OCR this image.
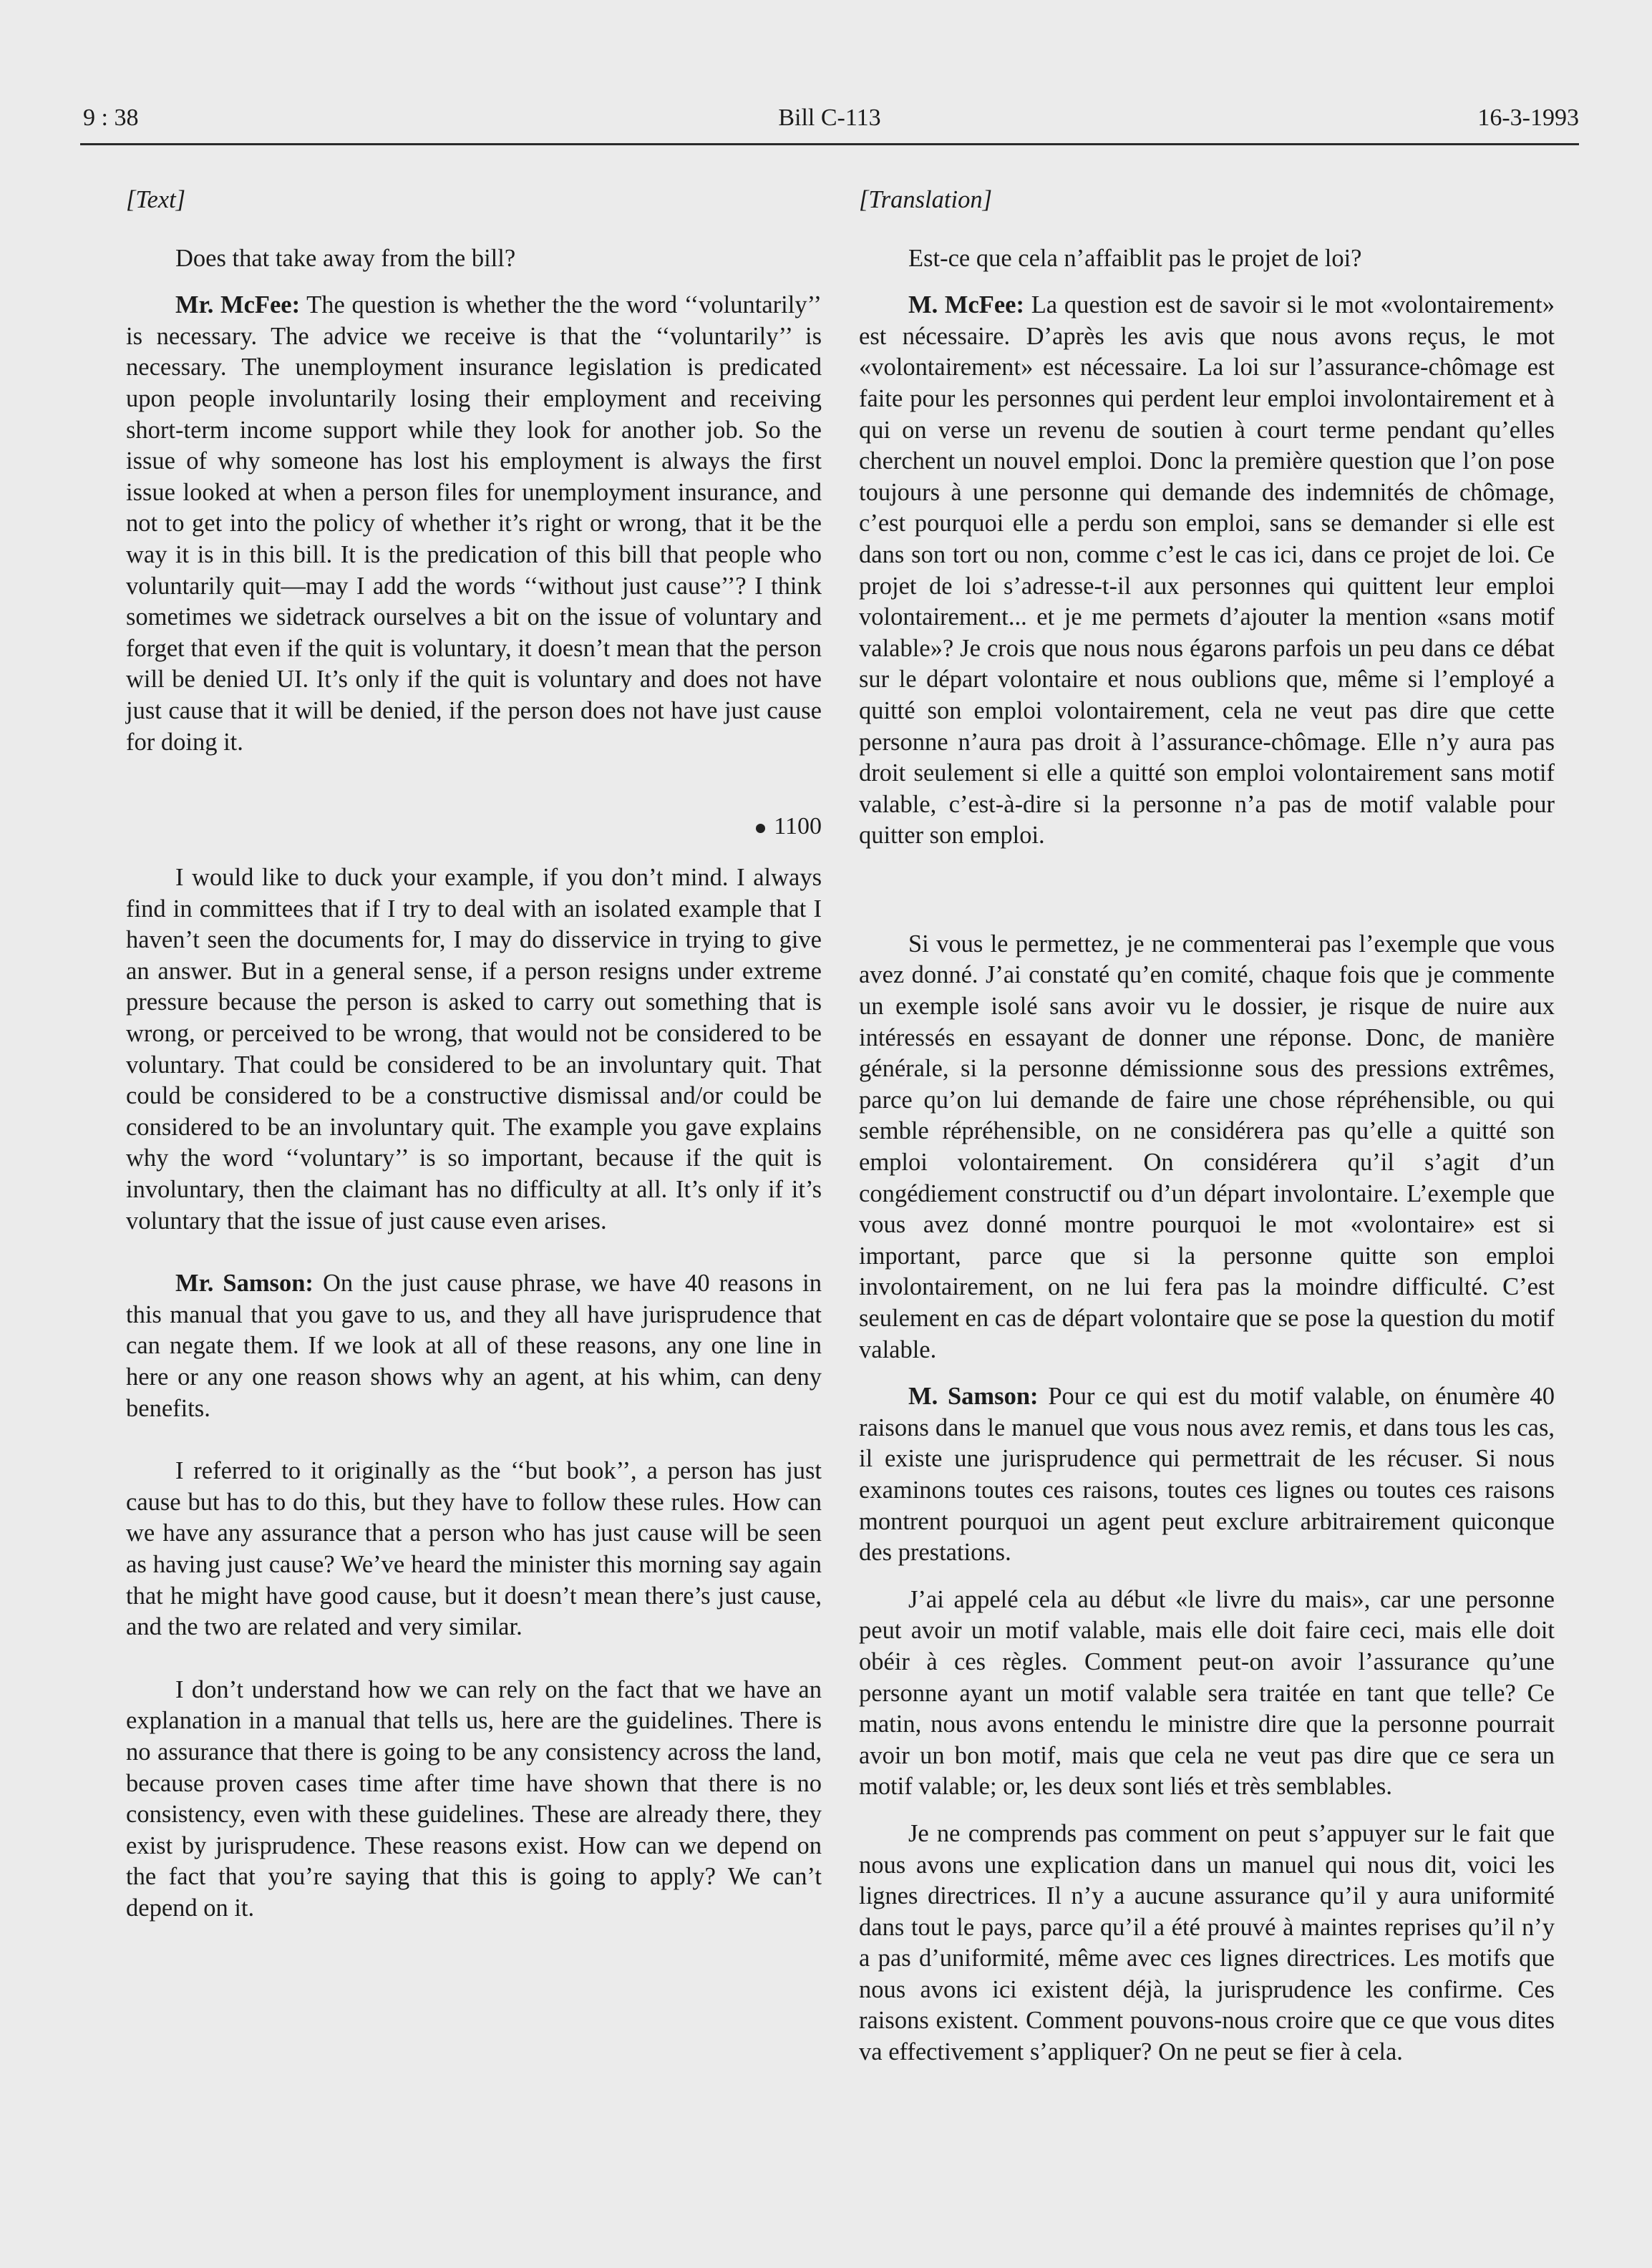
9 : 38	Bill C-113	16-3-1993

[Text]

Does that take away from the bill?

Mr. McFee: The question is whether the the word ‘‘voluntarily’’ is necessary. The advice we receive is that the ‘‘voluntarily’’ is necessary. The unemployment insurance legislation is predicated upon people involuntarily losing their employment and receiving short-term income support while they look for another job. So the issue of why someone has lost his employment is always the first issue looked at when a person files for unemployment insurance, and not to get into the policy of whether it’s right or wrong, that it be the way it is in this bill. It is the predication of this bill that people who voluntarily quit—may I add the words ‘‘without just cause’’? I think sometimes we sidetrack ourselves a bit on the issue of voluntary and forget that even if the quit is voluntary, it doesn’t mean that the person will be denied UI. It’s only if the quit is voluntary and does not have just cause that it will be denied, if the person does not have just cause for doing it.

1100

I would like to duck your example, if you don’t mind. I always find in committees that if I try to deal with an isolated example that I haven’t seen the documents for, I may do disservice in trying to give an answer. But in a general sense, if a person resigns under extreme pressure because the person is asked to carry out something that is wrong, or perceived to be wrong, that would not be considered to be voluntary. That could be considered to be an involuntary quit. That could be considered to be a constructive dismissal and/or could be considered to be an involuntary quit. The example you gave explains why the word ‘‘voluntary’’ is so important, because if the quit is involuntary, then the claimant has no difficulty at all. It’s only if it’s voluntary that the issue of just cause even arises.

Mr. Samson: On the just cause phrase, we have 40 reasons in this manual that you gave to us, and they all have jurisprudence that can negate them. If we look at all of these reasons, any one line in here or any one reason shows why an agent, at his whim, can deny benefits.

I referred to it originally as the ‘‘but book’’, a person has just cause but has to do this, but they have to follow these rules. How can we have any assurance that a person who has just cause will be seen as having just cause? We’ve heard the minister this morning say again that he might have good cause, but it doesn’t mean there’s just cause, and the two are related and very similar.

I don’t understand how we can rely on the fact that we have an explanation in a manual that tells us, here are the guidelines. There is no assurance that there is going to be any consistency across the land, because proven cases time after time have shown that there is no consistency, even with these guidelines. These are already there, they exist by jurisprudence. These reasons exist. How can we depend on the fact that you’re saying that this is going to apply? We can’t depend on it.

[Translation]

Est-ce que cela n’affaiblit pas le projet de loi?

M. McFee: La question est de savoir si le mot «volontairement» est nécessaire. D’après les avis que nous avons reçus, le mot «volontairement» est nécessaire. La loi sur l’assurance-chômage est faite pour les personnes qui perdent leur emploi involontairement et à qui on verse un revenu de soutien à court terme pendant qu’elles cherchent un nouvel emploi. Donc la première question que l’on pose toujours à une personne qui demande des indemnités de chômage, c’est pourquoi elle a perdu son emploi, sans se demander si elle est dans son tort ou non, comme c’est le cas ici, dans ce projet de loi. Ce projet de loi s’adresse-t-il aux personnes qui quittent leur emploi volontairement... et je me permets d’ajouter la mention «sans motif valable»? Je crois que nous nous égarons parfois un peu dans ce débat sur le départ volontaire et nous oublions que, même si l’employé a quitté son emploi volontairement, cela ne veut pas dire que cette personne n’aura pas droit à l’assurance-chômage. Elle n’y aura pas droit seulement si elle a quitté son emploi volontairement sans motif valable, c’est-à-dire si la personne n’a pas de motif valable pour quitter son emploi.

Si vous le permettez, je ne commenterai pas l’exemple que vous avez donné. J’ai constaté qu’en comité, chaque fois que je commente un exemple isolé sans avoir vu le dossier, je risque de nuire aux intéressés en essayant de donner une réponse. Donc, de manière générale, si la personne démissionne sous des pressions extrêmes, parce qu’on lui demande de faire une chose répréhensible, ou qui semble répréhensible, on ne considérera pas qu’elle a quitté son emploi volontairement. On considérera qu’il s’agit d’un congédiement constructif ou d’un départ involontaire. L’exemple que vous avez donné montre pourquoi le mot «volontaire» est si important, parce que si la personne quitte son emploi involontairement, on ne lui fera pas la moindre difficulté. C’est seulement en cas de départ volontaire que se pose la question du motif valable.

M. Samson: Pour ce qui est du motif valable, on énumère 40 raisons dans le manuel que vous nous avez remis, et dans tous les cas, il existe une jurisprudence qui permettrait de les récuser. Si nous examinons toutes ces raisons, toutes ces lignes ou toutes ces raisons montrent pourquoi un agent peut exclure arbitrairement quiconque des prestations.

J’ai appelé cela au début «le livre du mais», car une personne peut avoir un motif valable, mais elle doit faire ceci, mais elle doit obéir à ces règles. Comment peut-on avoir l’assurance qu’une personne ayant un motif valable sera traitée en tant que telle? Ce matin, nous avons entendu le ministre dire que la personne pourrait avoir un bon motif, mais que cela ne veut pas dire que ce sera un motif valable; or, les deux sont liés et très semblables.

Je ne comprends pas comment on peut s’appuyer sur le fait que nous avons une explication dans un manuel qui nous dit, voici les lignes directrices. Il n’y a aucune assurance qu’il y aura uniformité dans tout le pays, parce qu’il a été prouvé à maintes reprises qu’il n’y a pas d’uniformité, même avec ces lignes directrices. Les motifs que nous avons ici existent déjà, la jurisprudence les confirme. Ces raisons existent. Comment pouvons-nous croire que ce que vous dites va effectivement s’appliquer? On ne peut se fier à cela.
